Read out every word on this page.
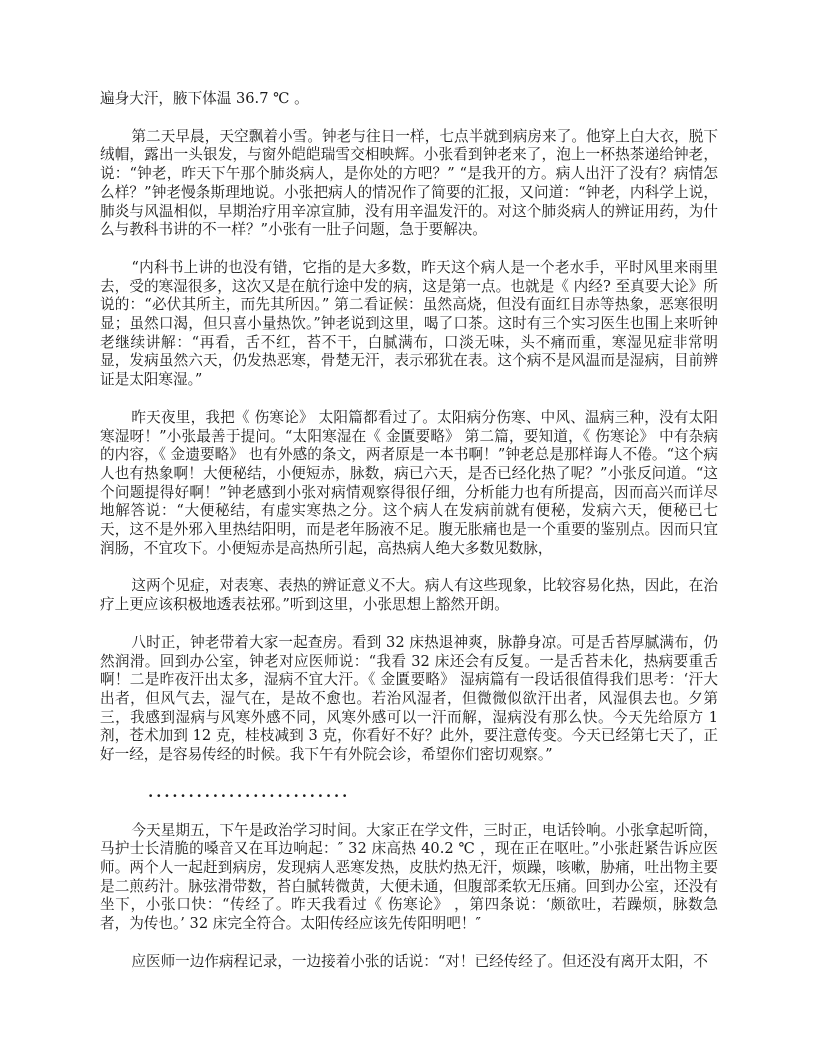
遍身大汗，腋下体温 36.7 ℃ 。

第二天早晨，天空飘着小雪。钟老与往日一样，七点半就到病房来了。他穿上白大衣，脱下绒帽，露出一头银发，与窗外皑皑瑞雪交相映辉。小张看到钟老来了，泡上一杯热茶递给钟老，说：“钟老，昨天下午那个肺炎病人，是你处的方吧？” “是我开的方。病人出汗了没有？病情怎么样？”钟老慢条斯理地说。小张把病人的情况作了简要的汇报，又问道：“钟老，内科学上说，肺炎与风温相似，早期治疗用辛凉宣肺，没有用辛温发汗的。对这个肺炎病人的辨证用药，为什么与教科书讲的不一样？”小张有一肚子问题，急于要解决。

“内科书上讲的也没有错，它指的是大多数，昨天这个病人是一个老水手，平时风里来雨里去，受的寒湿很多，这次又是在航行途中发的病，这是第一点。也就是《 内经? 至真要大论》所说的：“必伏其所主，而先其所因。” 第二看证候：虽然高烧，但没有面红目赤等热象，恶寒很明显；虽然口渴，但只喜小量热饮。”钟老说到这里，喝了口茶。这时有三个实习医生也围上来听钟老继续讲解：“再看，舌不红，苔不干，白腻满布，口淡无味，头不痛而重，寒湿见症非常明显，发病虽然六天，仍发热恶寒，骨楚无汗，表示邪犹在表。这个病不是风温而是湿病，目前辨证是太阳寒湿。”

昨天夜里，我把《 伤寒论》 太阳篇都看过了。太阳病分伤寒、中风、温病三种，没有太阳寒湿呀！”小张最善于提问。“太阳寒湿在《 金匱要略》 第二篇，要知道，《 伤寒论》 中有杂病的内容，《 金遗要略》 也有外感的条文，两者原是一本书啊！”钟老总是那样诲人不倦。“这个病人也有热象啊！大便秘结，小便短赤，脉数，病已六天，是否已经化热了呢？”小张反问道。“这个问题提得好啊！”钟老感到小张对病情观察得很仔细，分析能力也有所提高，因而高兴而详尽地解答说：“大便秘结，有虚实寒热之分。这个病人在发病前就有便秘，发病六天，便秘已七天，这不是外邪入里热结阳明，而是老年肠液不足。腹无胀痛也是一个重要的鉴别点。因而只宜润肠，不宜攻下。小便短赤是高热所引起，高热病人绝大多数见数脉，

这两个见症，对表寒、表热的辨证意义不大。病人有这些现象，比较容易化热，因此，在治疗上更应该积极地透表祛邪。”听到这里，小张思想上豁然开朗。

八时正，钟老带着大家一起查房。看到 32 床热退神爽，脉静身凉。可是舌苔厚腻满布，仍然润滑。回到办公室，钟老对应医师说：“我看 32 床还会有反复。一是舌苔未化，热病要重舌啊！二是昨夜汗出太多，湿病不宜大汗。《 金匱要略》 湿病篇有一段话很值得我们思考：‘汗大出者，但风气去，湿气在，是故不愈也。若治风湿者，但微微似欲汗出者，风湿俱去也。夕第三，我感到湿病与风寒外感不同，风寒外感可以一汗而解，湿病没有那么快。今天先给原方 1 剂，苍术加到 12 克，桂枝减到 3 克，你看好不好？此外，要注意传变。今天已经第七天了，正好一经，是容易传经的时候。我下午有外院会诊，希望你们密切观察。”

.........................

今天星期五，下午是政治学习时间。大家正在学文件，三时正，电话铃响。小张拿起听筒，马护士长清脆的嗓音又在耳边响起：″ 32 床高热 40.2 ℃ ，现在正在呕吐。”小张赶紧告诉应医师。两个人一起赶到病房，发现病人恶寒发热，皮肤灼热无汗，烦躁，咳嗽，胁痛，吐出物主要是二煎药汁。脉弦滑带数，苔白腻转微黄，大便未通，但腹部柔软无压痛。回到办公室，还没有坐下，小张口快：“传经了。昨天我看过《 伤寒论》 ，第四条说：‘颇欲吐，若躁烦，脉数急者，为传也。’ 32 床完全符合。太阳传经应该先传阳明吧！″

应医师一边作病程记录，一边接着小张的话说：“对！已经传经了。但还没有离开太阳，不
